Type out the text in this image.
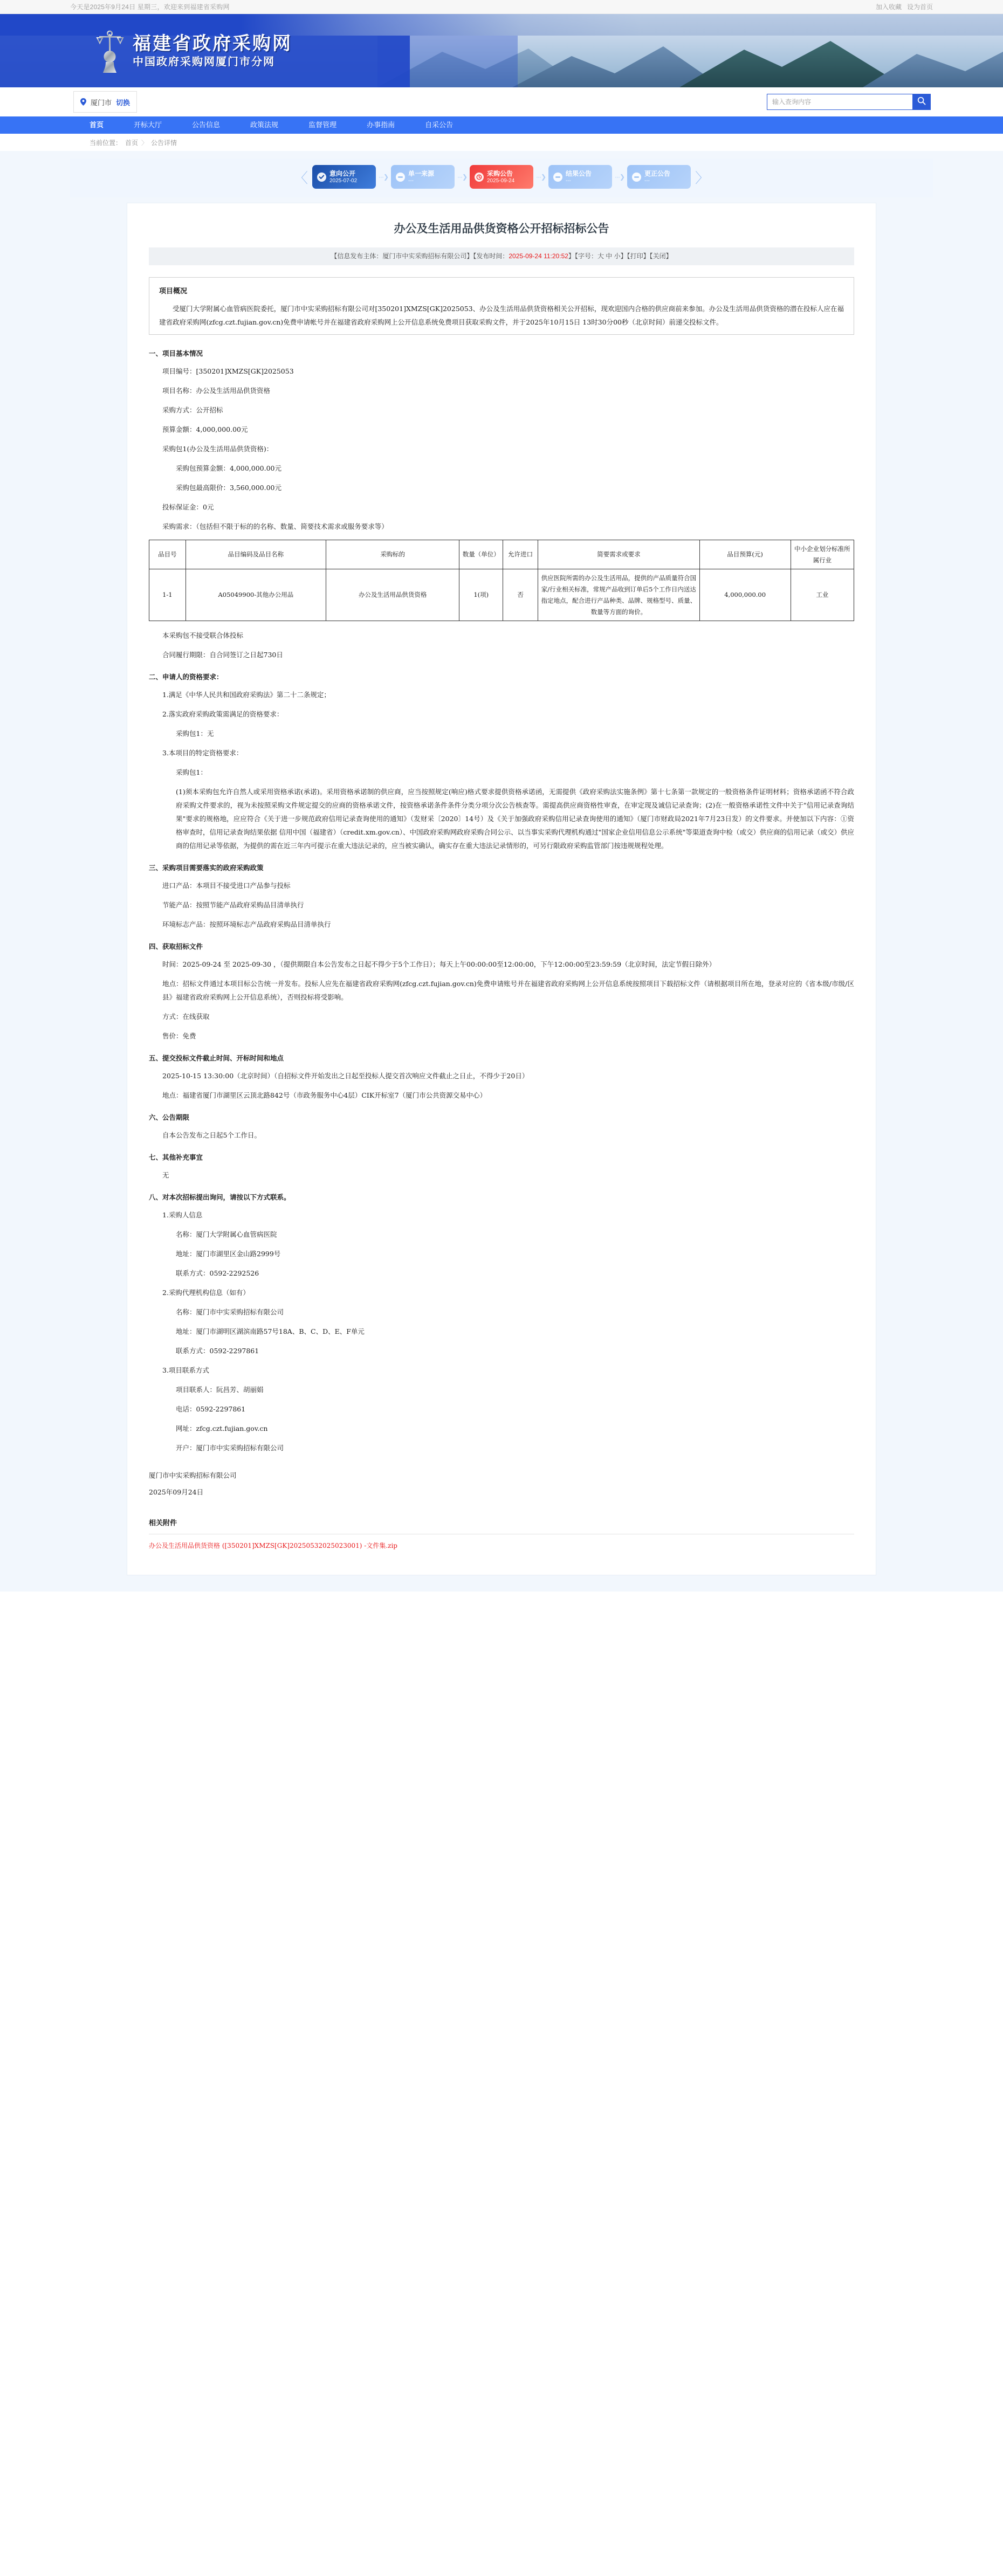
今天是2025年9月24日 星期三，欢迎来到福建省采购网	加入收藏 设为首页
福建省政府采购网
中国政府采购网厦门市分网
厦门市 切换
输入查询内容
首页	开标大厅	公告信息	政策法规	监督管理	办事指南	自采公告
当前位置： 首页 〉 公告详情
〈	意向公开
2025-07-02	···❯	单一来源
---	···❯	采购公告
2025-09-24	···❯	结果公告
---	···❯	更正公告
---	〉
办公及生活用品供货资格公开招标招标公告
【信息发布主体：厦门市中实采购招标有限公司】【发布时间：2025-09-24 11:20:52】【字号：大 中 小】【打印】【关闭】
项目概况

受厦门大学附属心血管病医院委托，厦门市中实采购招标有限公司对[350201]XMZS[GK]2025053、办公及生活用品供货资格相关公开招标，现欢迎国内合格的供应商前来参加。办公及生活用品供货资格的潜在投标人应在福建省政府采购网(zfcg.czt.fujian.gov.cn)免费申请帐号并在福建省政府采购网上公开信息系统免费项目获取采购文件，并于2025年10月15日 13时30分00秒（北京时间）前递交投标文件。

一、项目基本情况

项目编号：[350201]XMZS[GK]2025053

项目名称：办公及生活用品供货资格

采购方式：公开招标

预算金额：4,000,000.00元

采购包1(办公及生活用品供货资格)：

采购包预算金额：4,000,000.00元

采购包最高限价：3,560,000.00元

投标保证金：0元

采购需求：（包括但不限于标的的名称、数量、简要技术需求或服务要求等）

品目号	品目编码及品目名称	采购标的	数量（单位）	允许进口	简要需求或要求	品目预算(元)	中小企业划分标准所属行业
1-1	A05049900-其他办公用品	办公及生活用品供货资格	1(项)	否	供应医院所需的办公及生活用品，提供的产品质量符合国家/行业相关标准，常规产品收到订单后5个工作日内送达指定地点，配合进行产品种类、品牌、规格型号、质量、数量等方面的询价。	4,000,000.00	工业

本采购包不接受联合体投标

合同履行期限：自合同签订之日起730日

二、申请人的资格要求：

1.满足《中华人民共和国政府采购法》第二十二条规定；

2.落实政府采购政策需满足的资格要求：

采购包1：无

3.本项目的特定资格要求：

采购包1：

(1)须本采购包允许自然人或采用资格承诺(承诺)。采用资格承诺制的供应商，应当按照规定(响应)格式要求提供资格承诺函，无需提供《政府采购法实施条例》第十七条第一款规定的一般资格条件证明材料；资格承诺函不符合政府采购文件要求的，视为未按照采购文件规定提交的应商的资格承诺文件，按资格承诺条件条件分类分项分次公告核查等。需提高供应商资格性审查，在审定现及诚信记录查询；(2)在一般资格承诺性文件中关于"信用记录查询结果"要求的规格地，应应符合《关于进一步规范政府信用记录查询使用的通知》（发财采〔2020〕14号）及《关于加强政府采购信用记录查询使用的通知》（厦门市财政局2021年7月23日发）的文件要求。并使加以下内容：①资格审查时，信用记录查询结果依据 信用中国（福建省）（credit.xm.gov.cn）、中国政府采购网政府采购合同公示、以当事实采购代理机构通过"国家企业信用信息公示系统"等渠道查询中检（或交）供应商的信用记录（或交）供应商的信用记录等依据，为提供的需在近三年内可提示在重大违法记录的，应当被实确认，确实存在重大违法记录情形的，可另行限政府采购监管部门按违规规程处理。

三、采购项目需要落实的政府采购政策

进口产品：本项目不接受进口产品参与投标

节能产品：按照节能产品政府采购品目清单执行

环境标志产品：按照环境标志产品政府采购品目清单执行

四、获取招标文件

时间：2025-09-24 至 2025-09-30 ，（提供期限自本公告发布之日起不得少于5个工作日）；每天上午00:00:00至12:00:00，下午12:00:00至23:59:59（北京时间，法定节假日除外）

地点：招标文件通过本项目标公告统一并发布。投标人应先在福建省政府采购网(zfcg.czt.fujian.gov.cn)免费申请账号并在福建省政府采购网上公开信息系统按照项目下载招标文件（请根据项目所在地，登录对应的《省本级/市级/区县》福建省政府采购网上公开信息系统），否则投标将受影响。

方式：在线获取

售价：免费

五、提交投标文件截止时间、开标时间和地点

2025-10-15 13:30:00（北京时间）（自招标文件开始发出之日起至投标人提交首次响应文件截止之日止，不得少于20日）

地点：福建省厦门市湖里区云顶北路842号（市政务服务中心4层）CIK开标室7（厦门市公共资源交易中心）

六、公告期限

自本公告发布之日起5个工作日。

七、其他补充事宜

无

八、对本次招标提出询问，请按以下方式联系。

1.采购人信息

名称：厦门大学附属心血管病医院

地址：厦门市湖里区金山路2999号

联系方式：0592-2292526

2.采购代理机构信息（如有）

名称：厦门市中实采购招标有限公司

地址：厦门市湖明区湖滨南路57号18A、B、C、D、E、F单元

联系方式：0592-2297861

3.项目联系方式

项目联系人：阮昌芳、胡丽娟

电话：0592-2297861

网址：zfcg.czt.fujian.gov.cn

开户：厦门市中实采购招标有限公司

厦门市中实采购招标有限公司

2025年09月24日

相关附件
办公及生活用品供货资格 ([350201]XMZS[GK]20250532025023001) -文件集.zip
